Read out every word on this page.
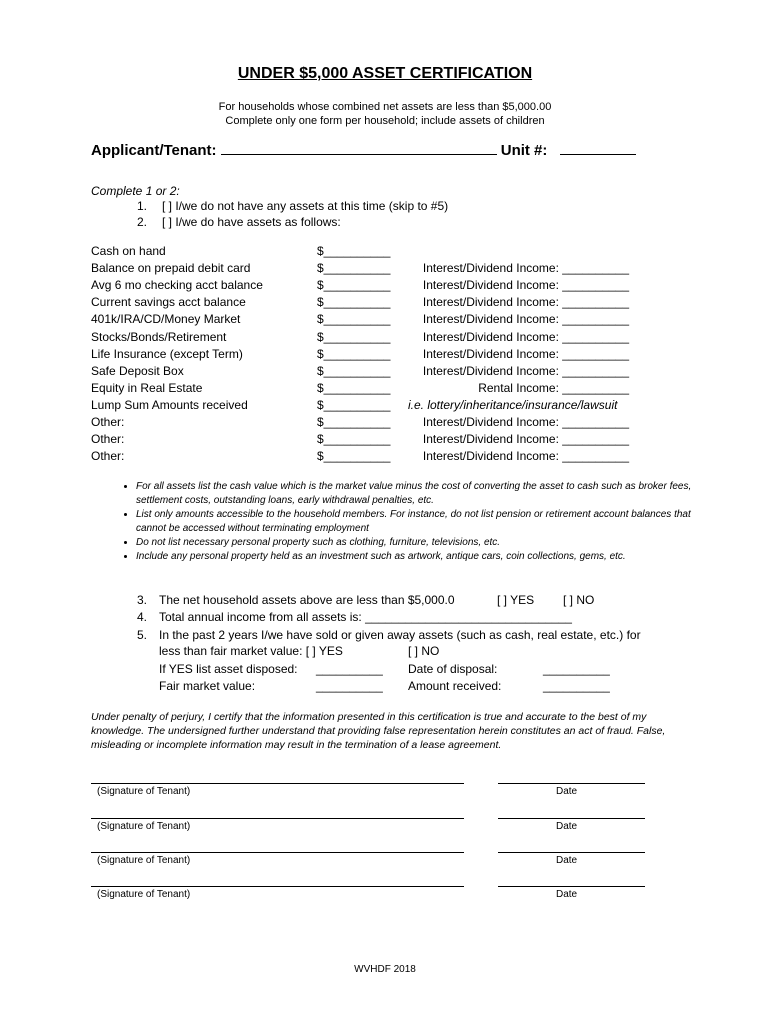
UNDER $5,000 ASSET CERTIFICATION
For households whose combined net assets are less than $5,000.00
Complete only one form per household; include assets of children
Applicant/Tenant:	Unit #:
Complete 1 or 2:
1. [ ] I/we do not have any assets at this time (skip to #5)
2. [ ] I/we do have assets as follows:
Cash on hand	$__________
Balance on prepaid debit card	$__________	Interest/Dividend Income: __________
Avg 6 mo checking acct balance	$__________	Interest/Dividend Income: __________
Current savings acct balance	$__________	Interest/Dividend Income: __________
401k/IRA/CD/Money Market	$__________	Interest/Dividend Income: __________
Stocks/Bonds/Retirement	$__________	Interest/Dividend Income: __________
Life Insurance (except Term)	$__________	Interest/Dividend Income: __________
Safe Deposit Box	$__________	Interest/Dividend Income: __________
Equity in Real Estate	$__________	Rental Income: __________
Lump Sum Amounts received	$__________ i.e. lottery/inheritance/insurance/lawsuit
Other:	$__________	Interest/Dividend Income: __________
Other:	$__________	Interest/Dividend Income: __________
Other:	$__________	Interest/Dividend Income: __________
• For all assets list the cash value which is the market value minus the cost of converting the asset to cash such as broker fees, settlement costs, outstanding loans, early withdrawal penalties, etc.
• List only amounts accessible to the household members. For instance, do not list pension or retirement account balances that cannot be accessed without terminating employment
• Do not list necessary personal property such as clothing, furniture, televisions, etc.
• Include any personal property held as an investment such as artwork, antique cars, coin collections, gems, etc.
3. The net household assets above are less than $5,000.0	[ ] YES [ ] NO
4. Total annual income from all assets is: _______________________________
5. In the past 2 years I/we have sold or given away assets (such as cash, real estate, etc.) for
less than fair market value: [ ] YES	[ ] NO
If YES list asset disposed: __________ Date of disposal:	__________
Fair market value:	__________ Amount received:	__________
Under penalty of perjury, I certify that the information presented in this certification is true and accurate to the best of my knowledge. The undersigned further understand that providing false representation herein constitutes an act of fraud. False, misleading or incomplete information may result in the termination of a lease agreement.
(Signature of Tenant)	Date
(Signature of Tenant)	Date
(Signature of Tenant)	Date
(Signature of Tenant)	Date
WVHDF 2018
